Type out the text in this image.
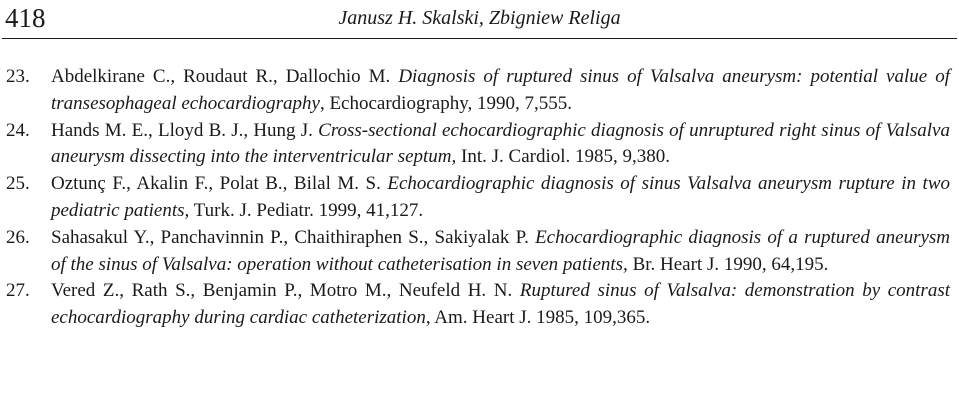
418	Janusz H. Skalski, Zbigniew Religa
23. Abdelkirane C., Roudaut R., Dallochio M. Diagnosis of ruptured sinus of Valsalva aneurysm: potential value of transesophageal echocardiography, Echocardiography, 1990, 7,555.
24. Hands M. E., Lloyd B. J., Hung J. Cross-sectional echocardiographic diagnosis of unruptured right sinus of Valsalva aneurysm dissecting into the interventricular septum, Int. J. Cardiol. 1985, 9,380.
25. Oztunç F., Akalin F., Polat B., Bilal M. S. Echocardiographic diagnosis of sinus Valsalva aneurysm rupture in two pediatric patients, Turk. J. Pediatr. 1999, 41,127.
26. Sahasakul Y., Panchavinnin P., Chaithiraphen S., Sakiyalak P. Echocardiographic diagnosis of a ruptured aneurysm of the sinus of Valsalva: operation without catheterisation in seven patients, Br. Heart J. 1990, 64,195.
27. Vered Z., Rath S., Benjamin P., Motro M., Neufeld H. N. Ruptured sinus of Valsalva: demonstration by contrast echocardiography during cardiac catheterization, Am. Heart J. 1985, 109,365.
